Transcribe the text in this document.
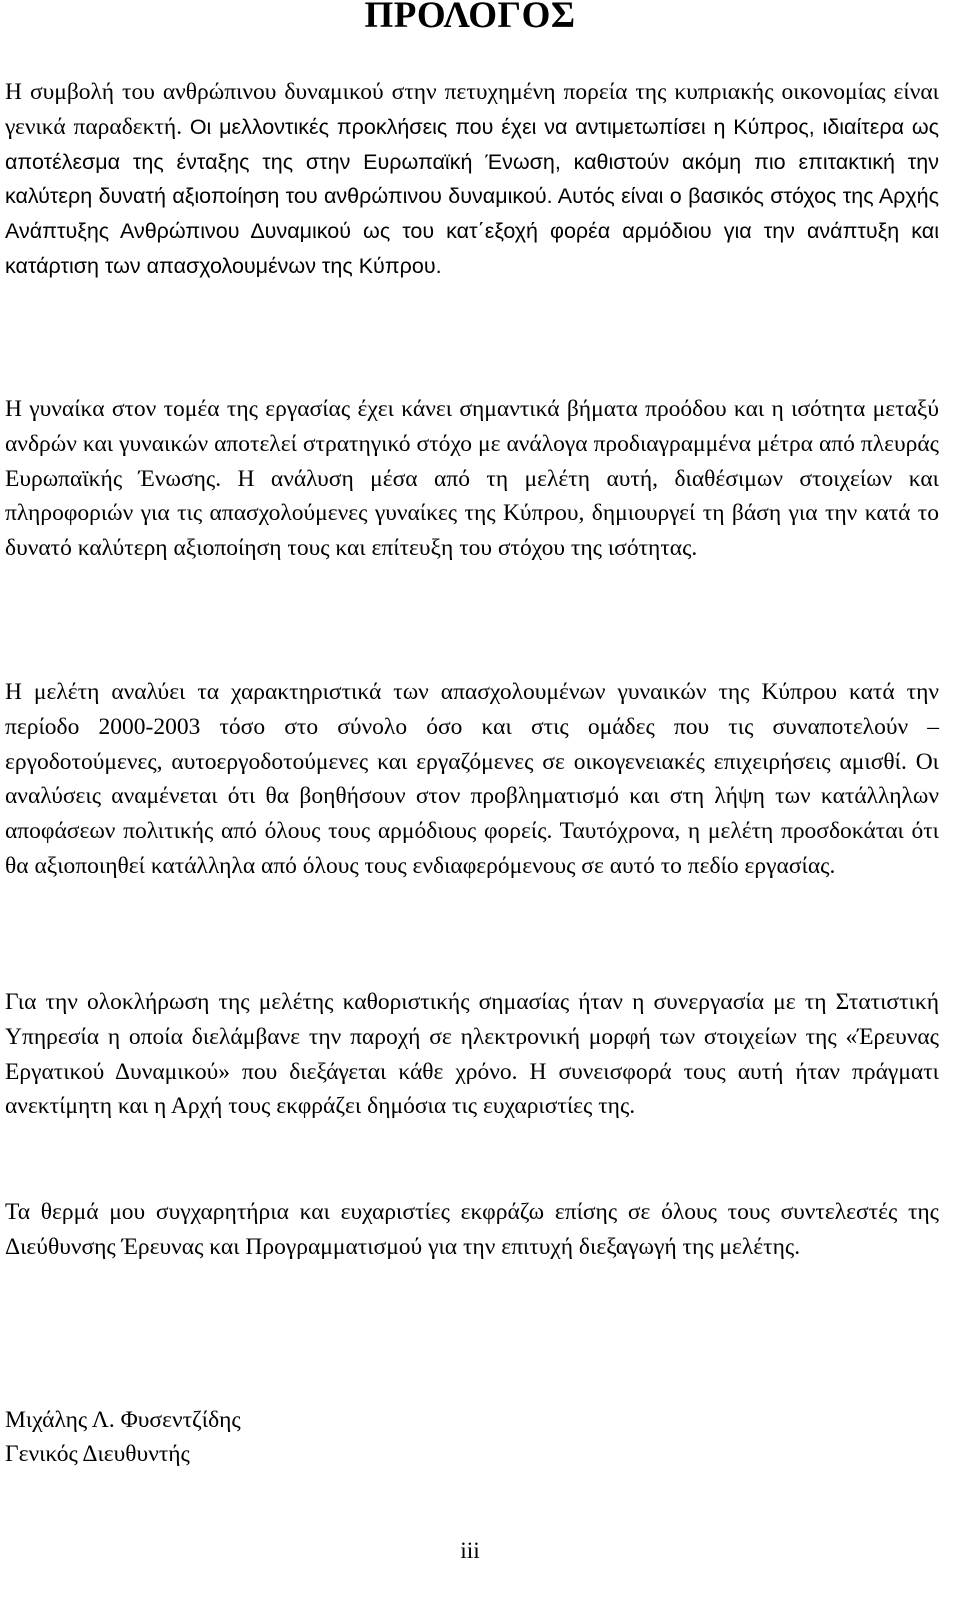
ΠΡΟΛΟΓΟΣ

Η συμβολή του ανθρώπινου δυναμικού στην πετυχημένη πορεία της κυπριακής οικονομίας είναι γενικά παραδεκτή. Οι μελλοντικές προκλήσεις που έχει να αντιμετωπίσει η Κύπρος, ιδιαίτερα ως αποτέλεσμα της ένταξης της στην Ευρωπαϊκή Ένωση, καθιστούν ακόμη πιο επιτακτική την καλύτερη δυνατή αξιοποίηση του ανθρώπινου δυναμικού. Αυτός είναι ο βασικός στόχος της Αρχής Ανάπτυξης Ανθρώπινου Δυναμικού ως του κατ΄εξοχή φορέα αρμόδιου για την ανάπτυξη και κατάρτιση των απασχολουμένων της Κύπρου.

Η γυναίκα στον τομέα της εργασίας έχει κάνει σημαντικά βήματα προόδου και η ισότητα μεταξύ ανδρών και γυναικών αποτελεί στρατηγικό στόχο με ανάλογα προδιαγραμμένα μέτρα από πλευράς Ευρωπαϊκής Ένωσης. Η ανάλυση μέσα από τη μελέτη αυτή, διαθέσιμων στοιχείων και πληροφοριών για τις απασχολούμενες γυναίκες της Κύπρου, δημιουργεί τη βάση για την κατά το δυνατό καλύτερη αξιοποίηση τους και επίτευξη του στόχου της ισότητας.

Η μελέτη αναλύει τα χαρακτηριστικά των απασχολουμένων γυναικών της Κύπρου κατά την περίοδο 2000-2003 τόσο στο σύνολο όσο και στις ομάδες που τις συναποτελούν – εργοδοτούμενες, αυτοεργοδοτούμενες και εργαζόμενες σε οικογενειακές επιχειρήσεις αμισθί. Οι αναλύσεις αναμένεται ότι θα βοηθήσουν στον προβληματισμό και στη λήψη των κατάλληλων αποφάσεων πολιτικής από όλους τους αρμόδιους φορείς. Ταυτόχρονα, η μελέτη προσδοκάται ότι θα αξιοποιηθεί κατάλληλα από όλους τους ενδιαφερόμενους σε αυτό το πεδίο εργασίας.

Για την ολοκλήρωση της μελέτης καθοριστικής σημασίας ήταν η συνεργασία με τη Στατιστική Υπηρεσία η οποία διελάμβανε την παροχή σε ηλεκτρονική μορφή των στοιχείων της «Έρευνας Εργατικού Δυναμικού» που διεξάγεται κάθε χρόνο. Η συνεισφορά τους αυτή ήταν πράγματι ανεκτίμητη και η Αρχή τους εκφράζει δημόσια τις ευχαριστίες της.

Τα θερμά μου συγχαρητήρια και ευχαριστίες εκφράζω επίσης σε όλους τους συντελεστές της Διεύθυνσης Έρευνας και Προγραμματισμού για την επιτυχή διεξαγωγή της μελέτης.

Μιχάλης Λ. Φυσεντζίδης

Γενικός Διευθυντής

iii
